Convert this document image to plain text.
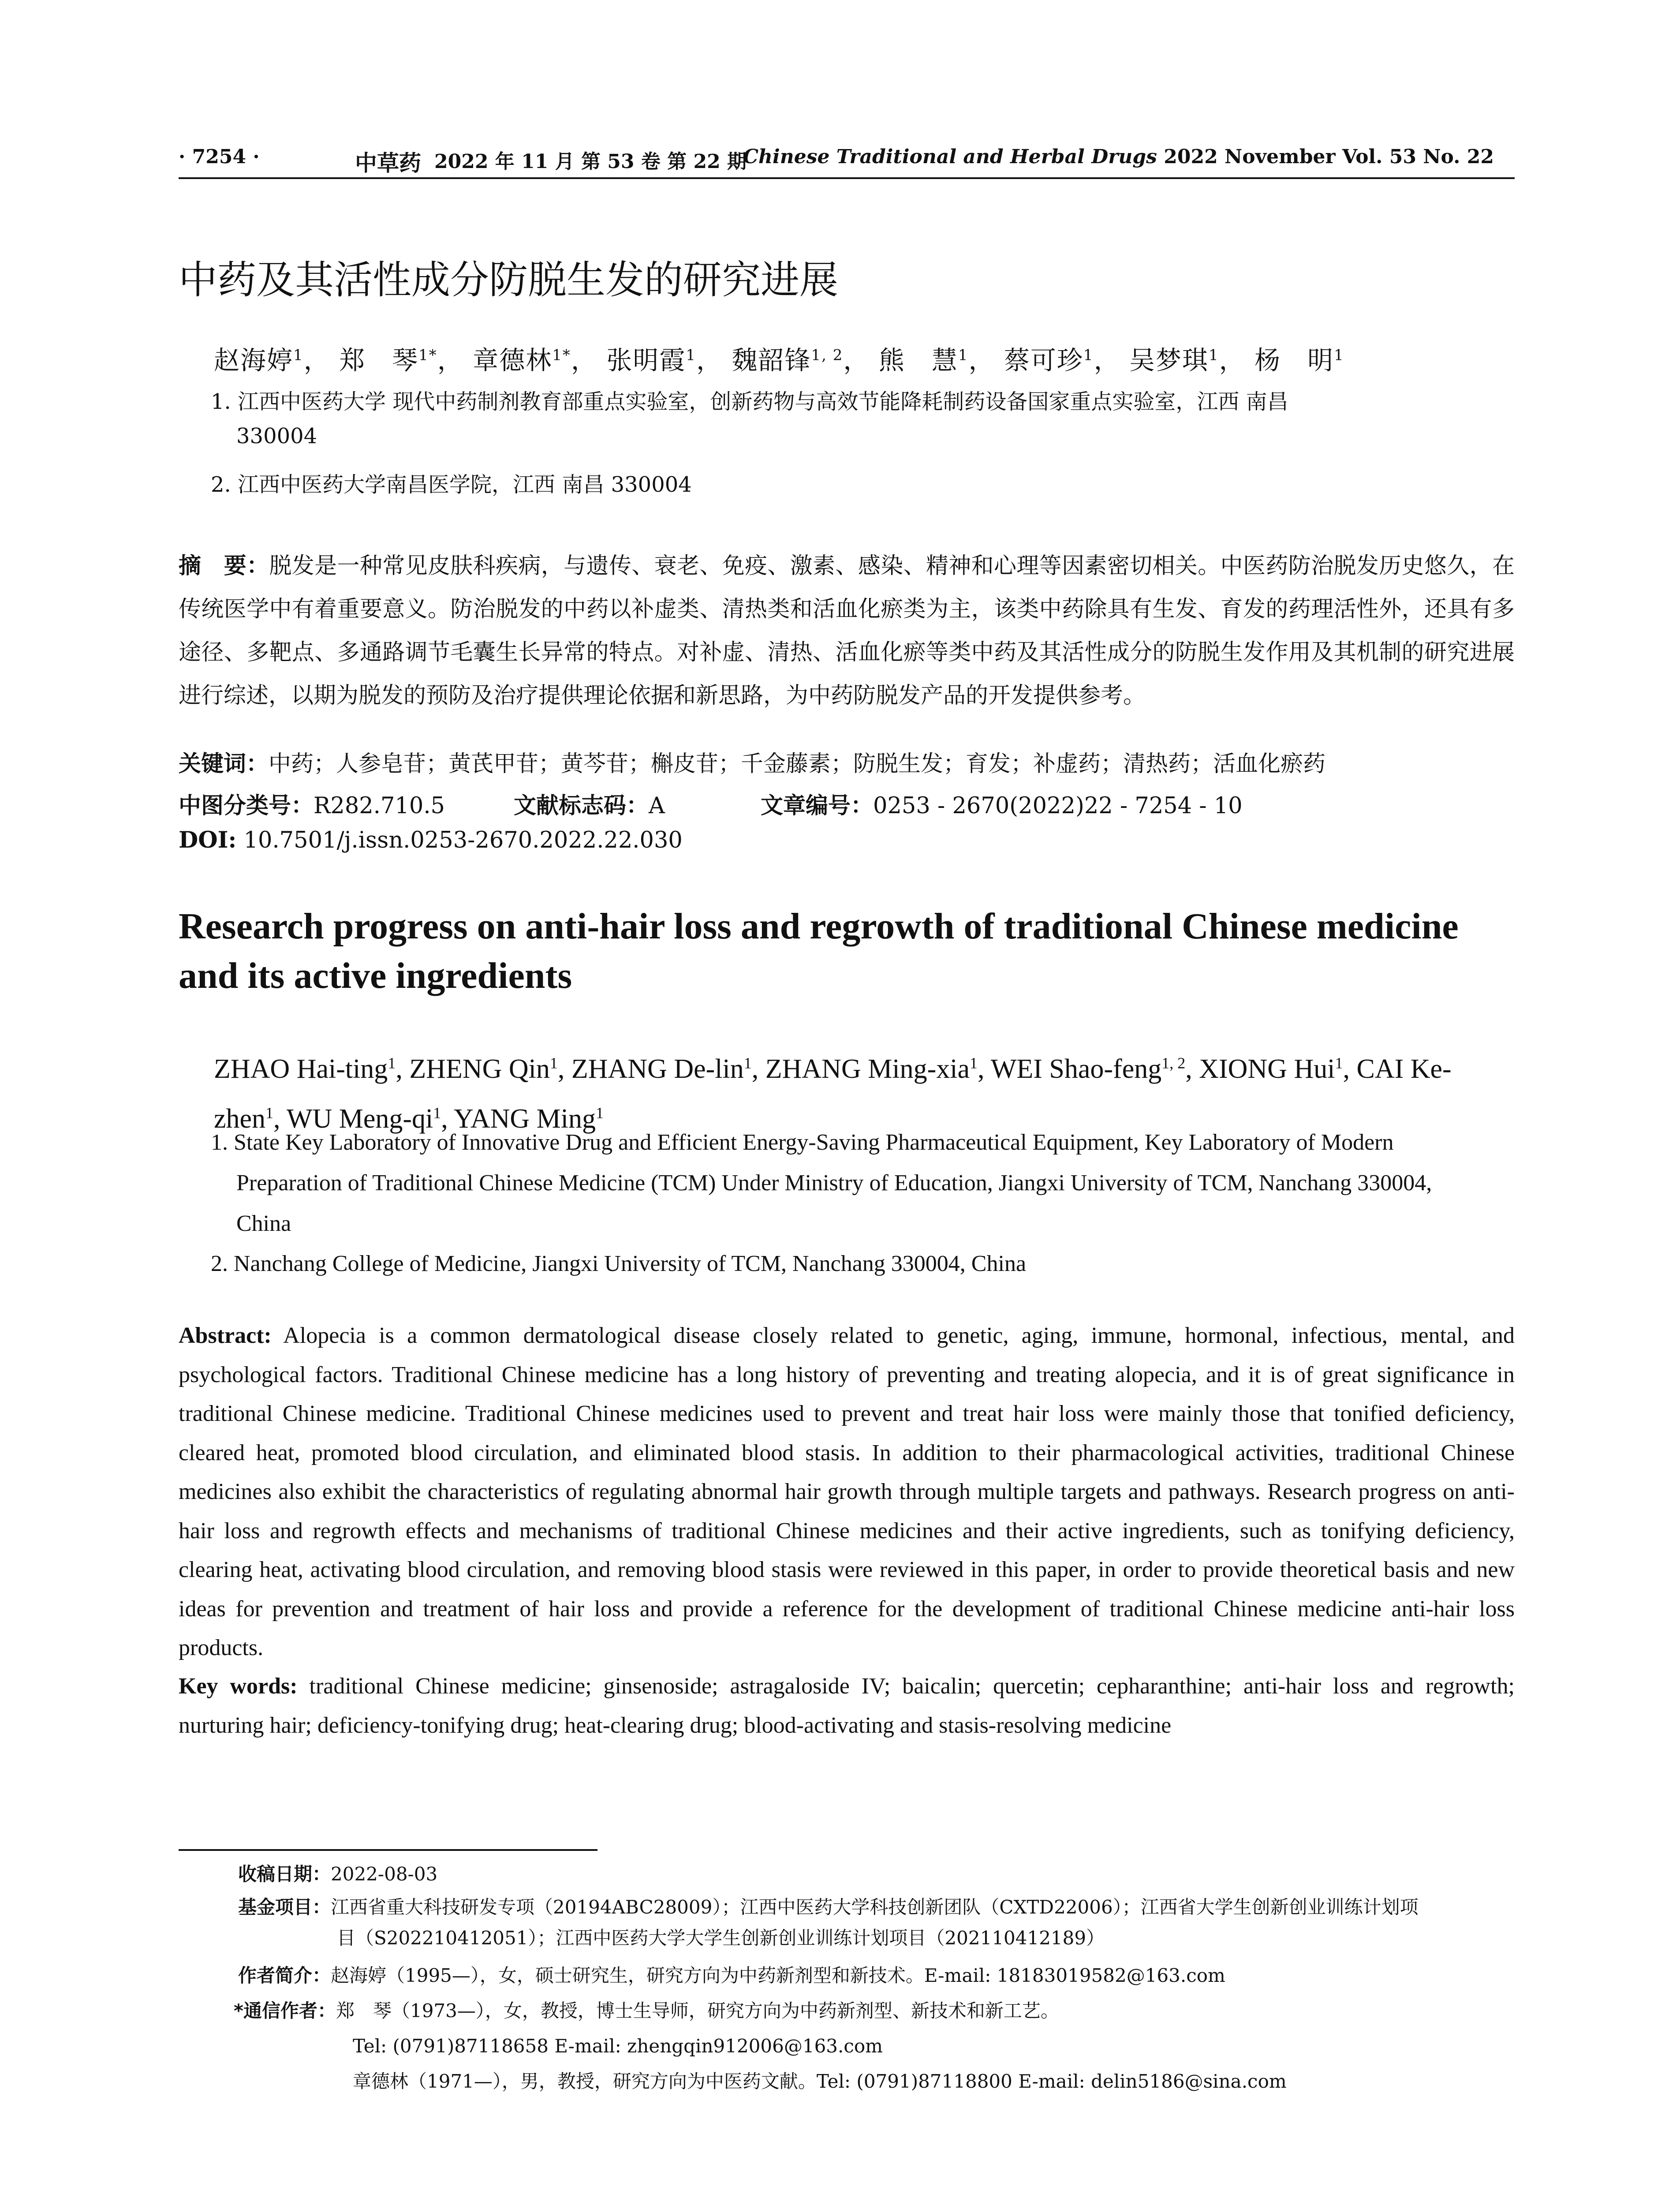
· 7254 ·	中草药 2022 年 11 月 第 53 卷 第 22 期
Chinese Traditional and Herbal Drugs 2022 November Vol. 53 No. 22
中药及其活性成分防脱生发的研究进展
赵海婷$^1$， 郑　琴$^{1*}$， 章德林$^{1*}$， 张明霞$^1$， 魏韶锋$^{1, 2}$， 熊　慧$^1$， 蔡可珍$^1$， 吴梦琪$^1$， 杨　明$^1$
1. 江西中医药大学 现代中药制剂教育部重点实验室，创新药物与高效节能降耗制药设备国家重点实验室，江西 南昌
330004
2. 江西中医药大学南昌医学院，江西 南昌 330004
摘　要：脱发是一种常见皮肤科疾病，与遗传、衰老、免疫、激素、感染、精神和心理等因素密切相关。中医药防治脱发历史悠久，在传统医学中有着重要意义。防治脱发的中药以补虚类、清热类和活血化瘀类为主，该类中药除具有生发、育发的药理活性外，还具有多途径、多靶点、多通路调节毛囊生长异常的特点。对补虚、清热、活血化瘀等类中药及其活性成分的防脱生发作用及其机制的研究进展进行综述，以期为脱发的预防及治疗提供理论依据和新思路，为中药防脱发产品的开发提供参考。
关键词：中药；人参皂苷；黄芪甲苷；黄芩苷；槲皮苷；千金藤素；防脱生发；育发；补虚药；清热药；活血化瘀药
中图分类号：R282.710.5	文献标志码：A	文章编号：0253 - 2670(2022)22 - 7254 - 10
DOI: 10.7501/j.issn.0253-2670.2022.22.030
Research progress on anti-hair loss and regrowth of traditional Chinese medicine
and its active ingredients
ZHAO Hai-ting$^1$, ZHENG Qin$^1$, ZHANG De-lin$^1$, ZHANG Ming-xia$^1$, WEI Shao-feng$^{1, 2}$, XIONG Hui$^1$, CAI Ke-zhen$^1$, WU Meng-$qi^1$, YANG Ming$^1$
1. State Key Laboratory of Innovative Drug and Efficient Energy-Saving Pharmaceutical Equipment, Key Laboratory of Modern
Preparation of Traditional Chinese Medicine (TCM) Under Ministry of Education, Jiangxi University of TCM, Nanchang 330004,
China
2. Nanchang College of Medicine, Jiangxi University of TCM, Nanchang 330004, China
Abstract: Alopecia is a common dermatological disease closely related to genetic, aging, immune, hormonal, infectious, mental, and psychological factors. Traditional Chinese medicine has a long history of preventing and treating alopecia, and it is of great significance in traditional Chinese medicine. Traditional Chinese medicines used to prevent and treat hair loss were mainly those that tonified deficiency, cleared heat, promoted blood circulation, and eliminated blood stasis. In addition to their pharmacological activities, traditional Chinese medicines also exhibit the characteristics of regulating abnormal hair growth through multiple targets and pathways. Research progress on anti-hair loss and regrowth effects and mechanisms of traditional Chinese medicines and their active ingredients, such as tonifying deficiency, clearing heat, activating blood circulation, and removing blood stasis were reviewed in this paper, in order to provide theoretical basis and new ideas for prevention and treatment of hair loss and provide a reference for the development of traditional Chinese medicine anti-hair loss products.
Key words: traditional Chinese medicine; ginsenoside; astragaloside IV; baicalin; quercetin; cepharanthine; anti-hair loss and regrowth; nurturing hair; deficiency-tonifying drug; heat-clearing drug; blood-activating and stasis-resolving medicine
收稿日期：2022-08-03
基金项目：江西省重大科技研发专项（20194ABC28009）；江西中医药大学科技创新团队（CXTD22006）；江西省大学生创新创业训练计划项
目（S202210412051）；江西中医药大学大学生创新创业训练计划项目（202110412189）
作者简介：赵海婷（1995—），女，硕士研究生，研究方向为中药新剂型和新技术。E-mail: 18183019582@163.com
*通信作者：郑　琴（1973—），女，教授，博士生导师，研究方向为中药新剂型、新技术和新工艺。
Tel: (0791)87118658 E-mail: zhengqin912006@163.com
章德林（1971—），男，教授，研究方向为中医药文献。Tel: (0791)87118800 E-mail: delin5186@sina.com
